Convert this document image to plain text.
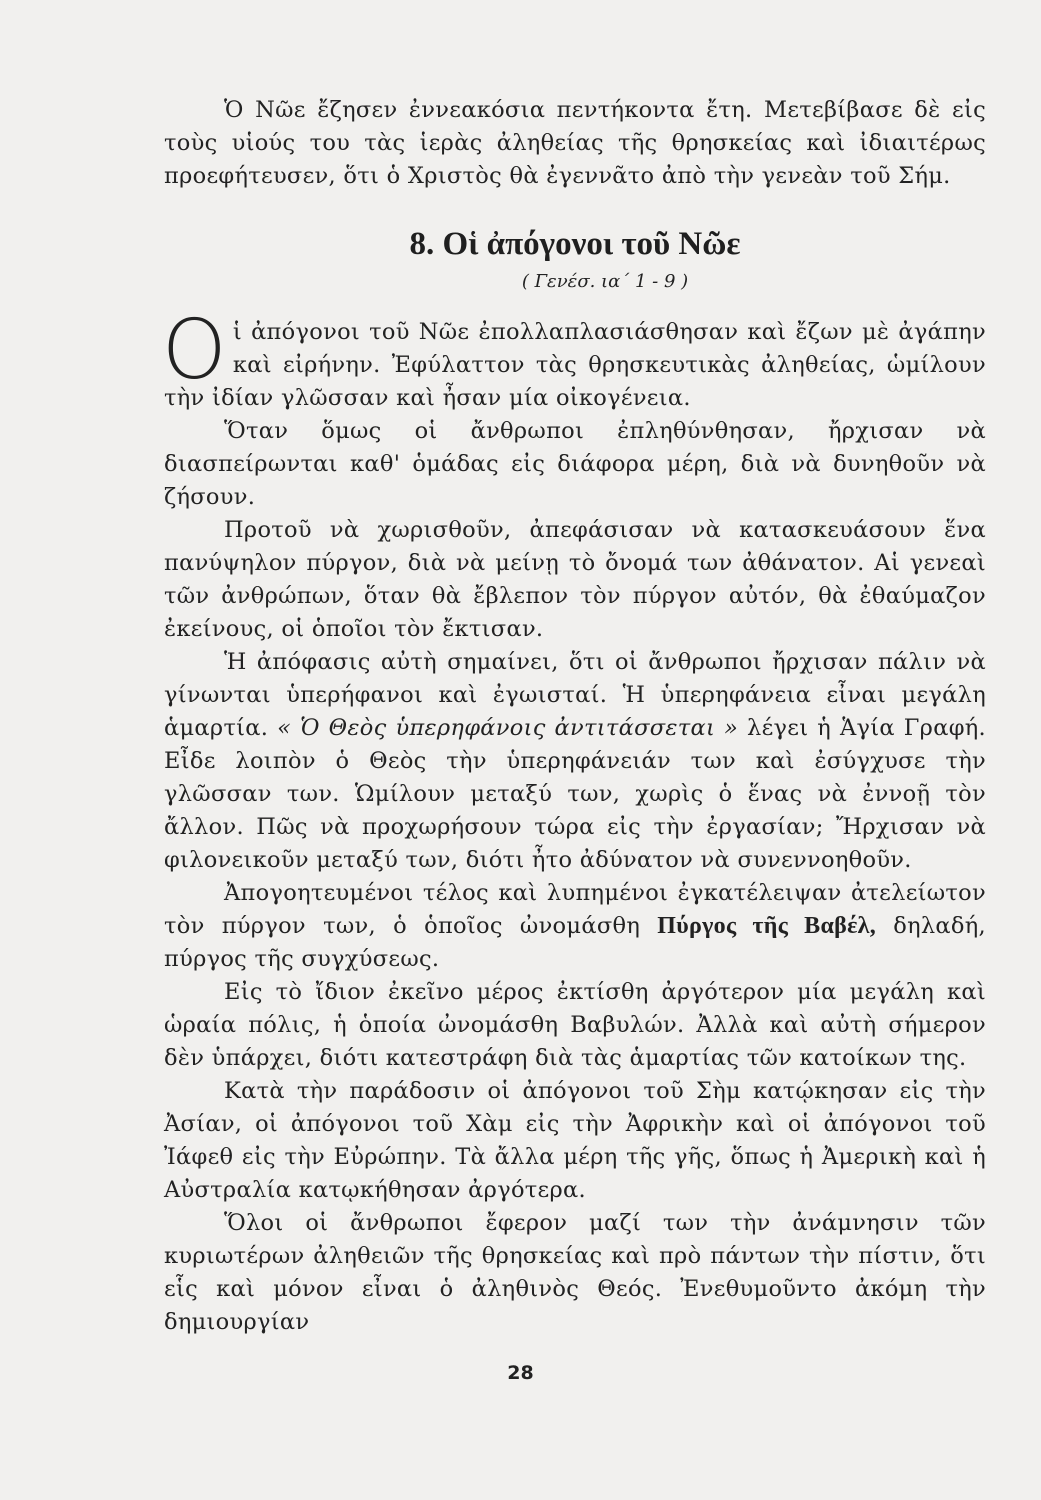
Ὁ Νῶε ἔζησεν ἐννεακόσια πεντήκοντα ἔτη. Μετεβίβασε δὲ εἰς τοὺς υἱούς του τὰς ἱερὰς ἀληθείας τῆς θρησκείας καὶ ἰδιαιτέρως προεφήτευσεν, ὅτι ὁ Χριστὸς θὰ ἐγεννᾶτο ἀπὸ τὴν γενεὰν τοῦ Σήμ.

8. Οἱ ἀπόγονοι τοῦ Νῶε
( Γενέσ. ια΄ 1 - 9 )

Οἱ ἀπόγονοι τοῦ Νῶε ἐπολλαπλασιάσθησαν καὶ ἔζων μὲ ἀγάπην καὶ εἰρήνην. Ἐφύλαττον τὰς θρησκευτικὰς ἀληθείας, ὡμίλουν τὴν ἰδίαν γλῶσσαν καὶ ἦσαν μία οἰκογένεια.

Ὅταν ὅμως οἱ ἄνθρωποι ἐπληθύνθησαν, ἤρχισαν νὰ διασπείρωνται καθ' ὁμάδας εἰς διάφορα μέρη, διὰ νὰ δυνηθοῦν νὰ ζήσουν.

Προτοῦ νὰ χωρισθοῦν, ἀπεφάσισαν νὰ κατασκευάσουν ἕνα πανύψηλον πύργον, διὰ νὰ μείνῃ τὸ ὄνομά των ἀθάνατον. Αἱ γενεαὶ τῶν ἀνθρώπων, ὅταν θὰ ἔβλεπον τὸν πύργον αὐτόν, θὰ ἐθαύμαζον ἐκείνους, οἱ ὁποῖοι τὸν ἔκτισαν.

Ἡ ἀπόφασις αὐτὴ σημαίνει, ὅτι οἱ ἄνθρωποι ἤρχισαν πάλιν νὰ γίνωνται ὑπερήφανοι καὶ ἐγωισταί. Ἡ ὑπερηφάνεια εἶναι μεγάλη ἁμαρτία. « Ὁ Θεὸς ὑπερηφάνοις ἀντιτάσσεται » λέγει ἡ Ἁγία Γραφή. Εἶδε λοιπὸν ὁ Θεὸς τὴν ὑπερηφάνειάν των καὶ ἐσύγχυσε τὴν γλῶσσαν των. Ὡμίλουν μεταξύ των, χωρὶς ὁ ἕνας νὰ ἐννοῇ τὸν ἄλλον. Πῶς νὰ προχωρήσουν τώρα εἰς τὴν ἐργασίαν; Ἤρχισαν νὰ φιλονεικοῦν μεταξύ των, διότι ἦτο ἀδύνατον νὰ συνεννοηθοῦν.

Ἀπογοητευμένοι τέλος καὶ λυπημένοι ἐγκατέλειψαν ἀτελείωτον τὸν πύργον των, ὁ ὁποῖος ὠνομάσθη Πύργος τῆς Βαβέλ, δηλαδή, πύργος τῆς συγχύσεως.

Εἰς τὸ ἴδιον ἐκεῖνο μέρος ἐκτίσθη ἀργότερον μία μεγάλη καὶ ὡραία πόλις, ἡ ὁποία ὠνομάσθη Βαβυλών. Ἀλλὰ καὶ αὐτὴ σήμερον δὲν ὑπάρχει, διότι κατεστράφη διὰ τὰς ἁμαρτίας τῶν κατοίκων της.

Κατὰ τὴν παράδοσιν οἱ ἀπόγονοι τοῦ Σὴμ κατῴκησαν εἰς τὴν Ἀσίαν, οἱ ἀπόγονοι τοῦ Χὰμ εἰς τὴν Ἀφρικὴν καὶ οἱ ἀπόγονοι τοῦ Ἰάφεθ εἰς τὴν Εὐρώπην. Τὰ ἄλλα μέρη τῆς γῆς, ὅπως ἡ Ἀμερικὴ καὶ ἡ Αὐστραλία κατῳκήθησαν ἀργότερα.

Ὅλοι οἱ ἄνθρωποι ἔφερον μαζί των τὴν ἀνάμνησιν τῶν κυριωτέρων ἀληθειῶν τῆς θρησκείας καὶ πρὸ πάντων τὴν πίστιν, ὅτι εἷς καὶ μόνον εἶναι ὁ ἀληθινὸς Θεός. Ἐνεθυμοῦντο ἀκόμη τὴν δημιουργίαν

28
